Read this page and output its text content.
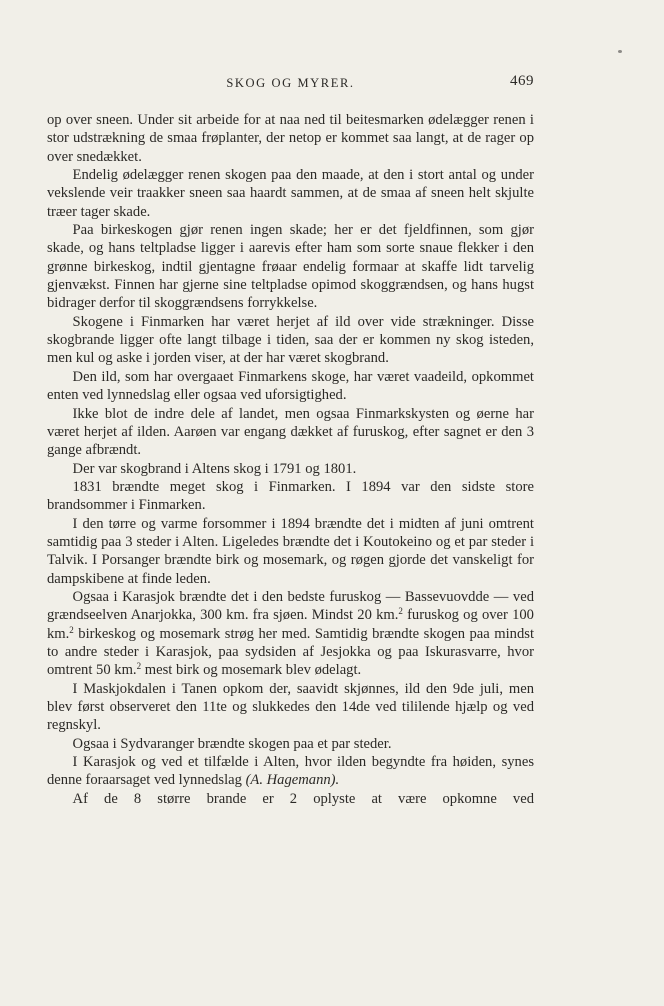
SKOG OG MYRER.	469

op over sneen. Under sit arbeide for at naa ned til beitesmarken ødelægger renen i stor udstrækning de smaa frøplanter, der netop er kommet saa langt, at de rager op over snedækket.

Endelig ødelægger renen skogen paa den maade, at den i stort antal og under vekslende veir traakker sneen saa haardt sammen, at de smaa af sneen helt skjulte træer tager skade.

Paa birkeskogen gjør renen ingen skade; her er det fjeldfinnen, som gjør skade, og hans teltpladse ligger i aarevis efter ham som sorte snaue flekker i den grønne birkeskog, indtil gjentagne frøaar endelig formaar at skaffe lidt tarvelig gjenvækst. Finnen har gjerne sine teltpladse opimod skoggrændsen, og hans hugst bidrager derfor til skoggrændsens forrykkelse.

Skogene i Finmarken har været herjet af ild over vide strækninger. Disse skogbrande ligger ofte langt tilbage i tiden, saa der er kommen ny skog isteden, men kul og aske i jorden viser, at der har været skogbrand.

Den ild, som har overgaaet Finmarkens skoge, har været vaadeild, opkommet enten ved lynnedslag eller ogsaa ved uforsigtighed.

Ikke blot de indre dele af landet, men ogsaa Finmarkskysten og øerne har været herjet af ilden. Aarøen var engang dækket af furuskog, efter sagnet er den 3 gange afbrændt.

Der var skogbrand i Altens skog i 1791 og 1801.

1831 brændte meget skog i Finmarken. I 1894 var den sidste store brandsommer i Finmarken.

I den tørre og varme forsommer i 1894 brændte det i midten af juni omtrent samtidig paa 3 steder i Alten. Ligeledes brændte det i Koutokeino og et par steder i Talvik. I Porsanger brændte birk og mosemark, og røgen gjorde det vanskeligt for dampskibene at finde leden.

Ogsaa i Karasjok brændte det i den bedste furuskog — Bassevuovdde — ved grændseelven Anarjokka, 300 km. fra sjøen. Mindst 20 km.$^2$ furuskog og over 100 km.$^2$ birkeskog og mosemark strøg her med. Samtidig brændte skogen paa mindst to andre steder i Karasjok, paa sydsiden af Jesjokka og paa Iskurasvarre, hvor omtrent 50 km.$^2$ mest birk og mosemark blev ødelagt.

I Maskjokdalen i Tanen opkom der, saavidt skjønnes, ild den 9de juli, men blev først observeret den 11te og slukkedes den 14de ved tililende hjælp og ved regnskyl.

Ogsaa i Sydvaranger brændte skogen paa et par steder.

I Karasjok og ved et tilfælde i Alten, hvor ilden begyndte fra høiden, synes denne foraarsaget ved lynnedslag (A. Hagemann).

Af de 8 større brande er 2 oplyste at være opkomne ved
